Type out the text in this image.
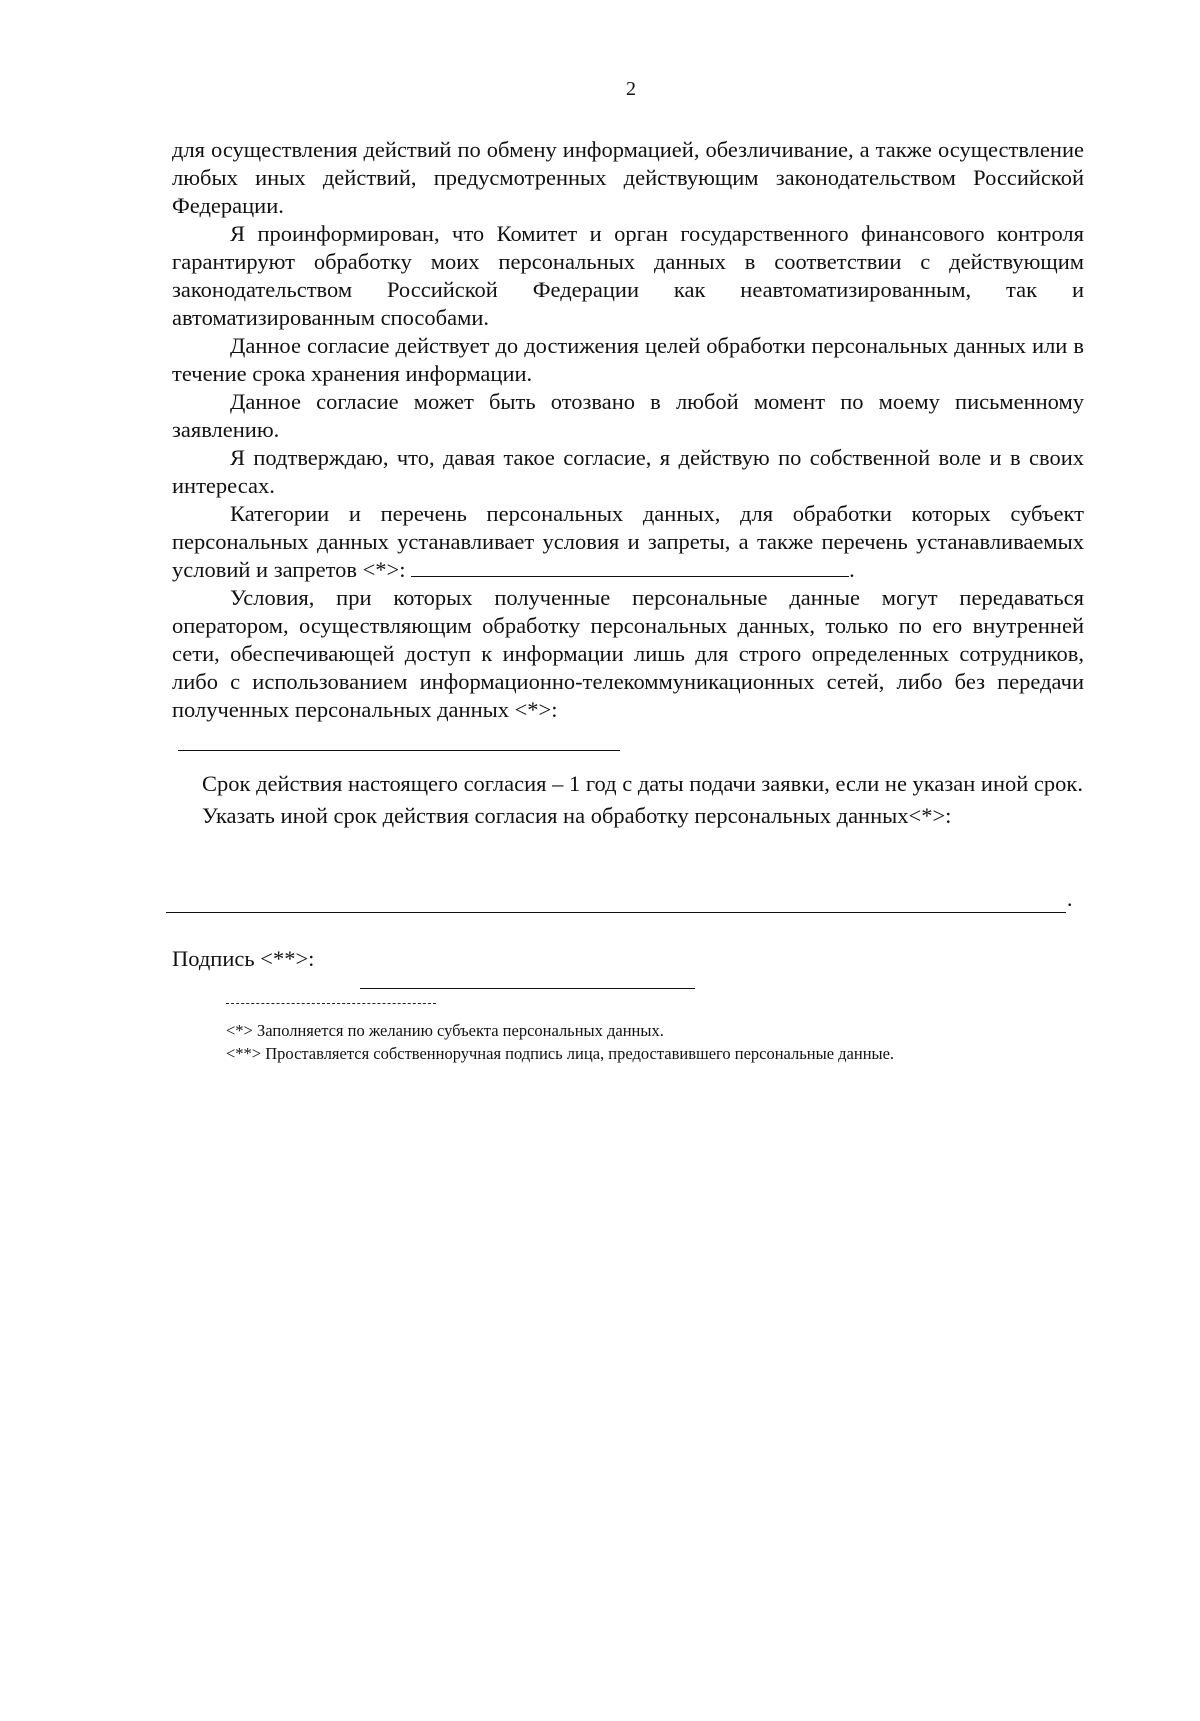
2

для осуществления действий по обмену информацией, обезличивание, а также осуществление любых иных действий, предусмотренных действующим законодательством Российской Федерации.

Я проинформирован, что Комитет и орган государственного финансового контроля гарантируют обработку моих персональных данных в соответствии с действующим законодательством Российской Федерации как неавтоматизированным, так и автоматизированным способами.

Данное согласие действует до достижения целей обработки персональных данных или в течение срока хранения информации.

Данное согласие может быть отозвано в любой момент по моему письменному заявлению.

Я подтверждаю, что, давая такое согласие, я действую по собственной воле и в своих интересах.

Категории и перечень персональных данных, для обработки которых субъект персональных данных устанавливает условия и запреты, а также перечень устанавливаемых условий и запретов <*>:	.

Условия, при которых полученные персональные данные могут передаваться оператором, осуществляющим обработку персональных данных, только по его внутренней сети, обеспечивающей доступ к информации лишь для строго определенных сотрудников, либо с использованием информационно-телекоммуникационных сетей, либо без передачи полученных персональных данных <*>:

Срок действия настоящего согласия – 1 год с даты подачи заявки, если не указан иной срок.

Указать иной срок действия согласия на обработку персональных данных<*>:

.
Подпись <**>:
<*> Заполняется по желанию субъекта персональных данных.
<**> Проставляется собственноручная подпись лица, предоставившего персональные данные.
